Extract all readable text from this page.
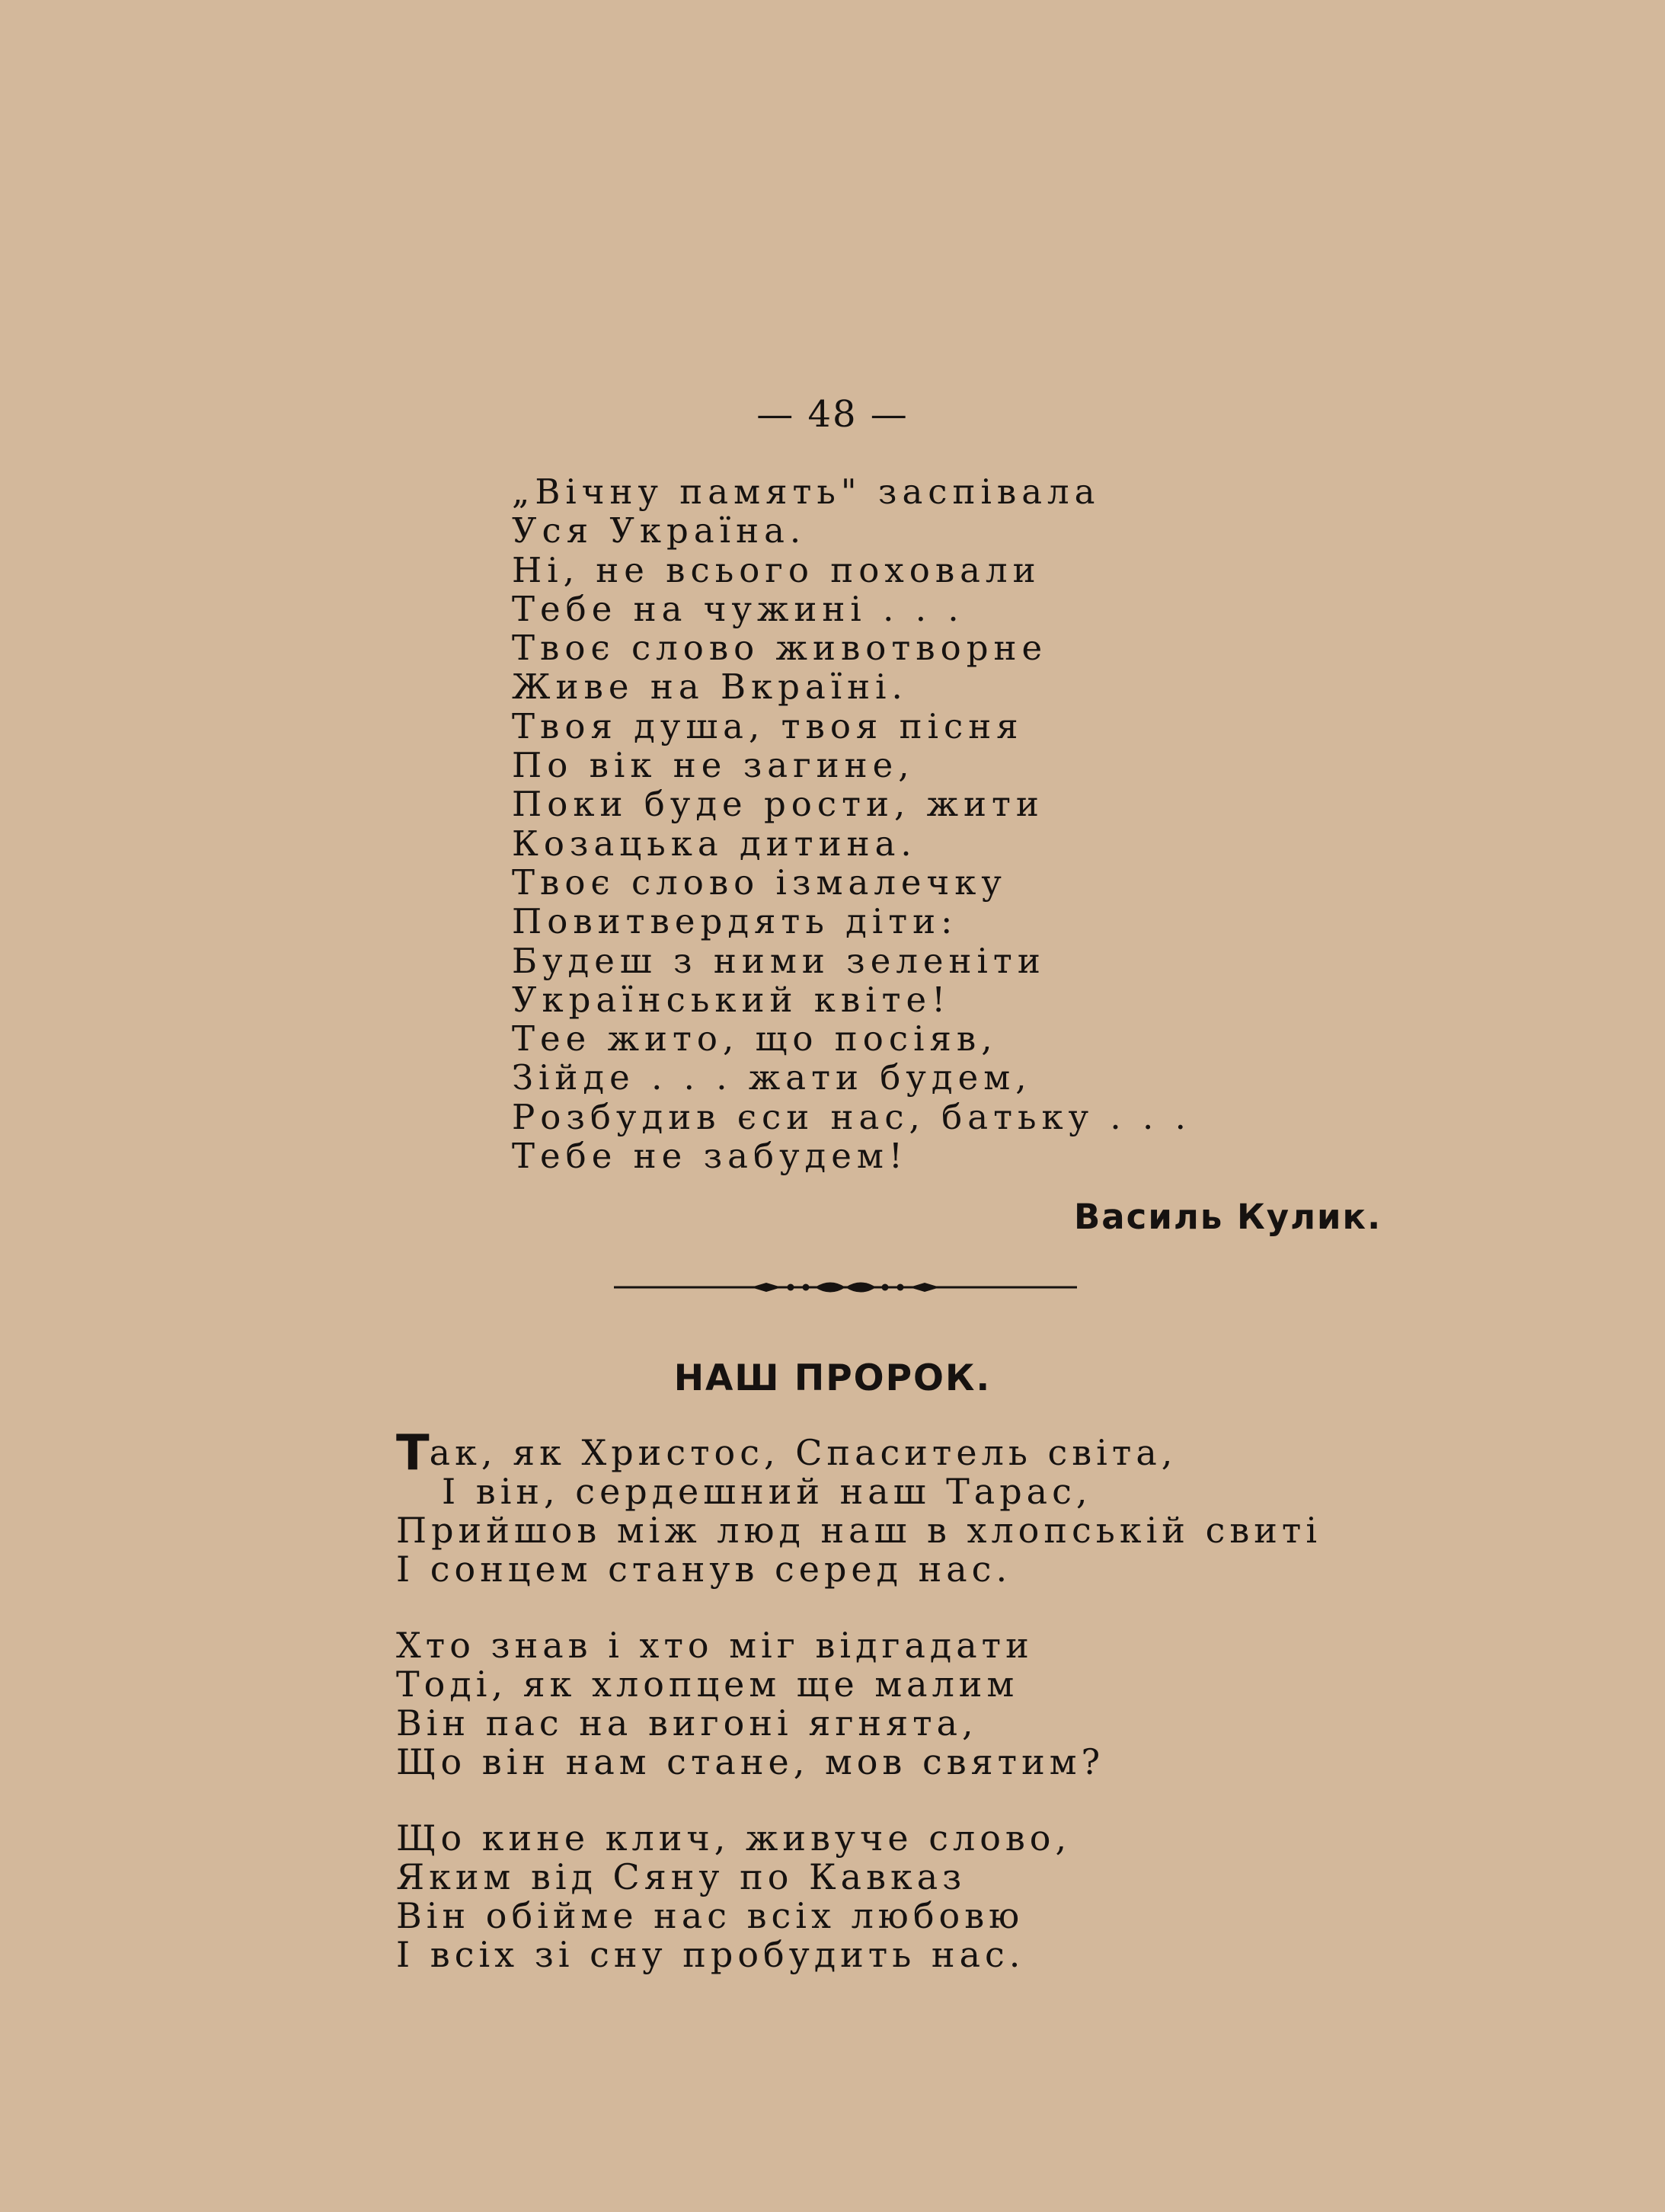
— 48 —
„Вічну память" заспівала
Уся Україна.
Ні, не всього поховали
Тебе на чужині . . .
Твоє слово животворне
Живе на Вкраїні.
Твоя душа, твоя пісня
По вік не загине,
Поки буде рости, жити
Козацька дитина.
Твоє слово ізмалечку
Повитвердять діти:
Будеш з ними зеленіти
Український квіте!
Тее жито, що посіяв,
Зійде . . . жати будем,
Розбудив єси нас, батьку . . .
Тебе не забудем!
Василь Кулик.
НАШ ПРОРОК.
Так, як Христос, Спаситель світа,
І він, сердешний наш Тарас,
Прийшов між люд наш в хлопській свиті
І сонцем станув серед нас.
Хто знав і хто міг відгадати
Тоді, як хлопцем ще малим
Він пас на вигоні ягнята,
Що він нам стане, мов святим?
Що кине клич, живуче слово,
Яким від Сяну по Кавказ
Він обійме нас всіх любовю
І всіх зі сну пробудить нас.
